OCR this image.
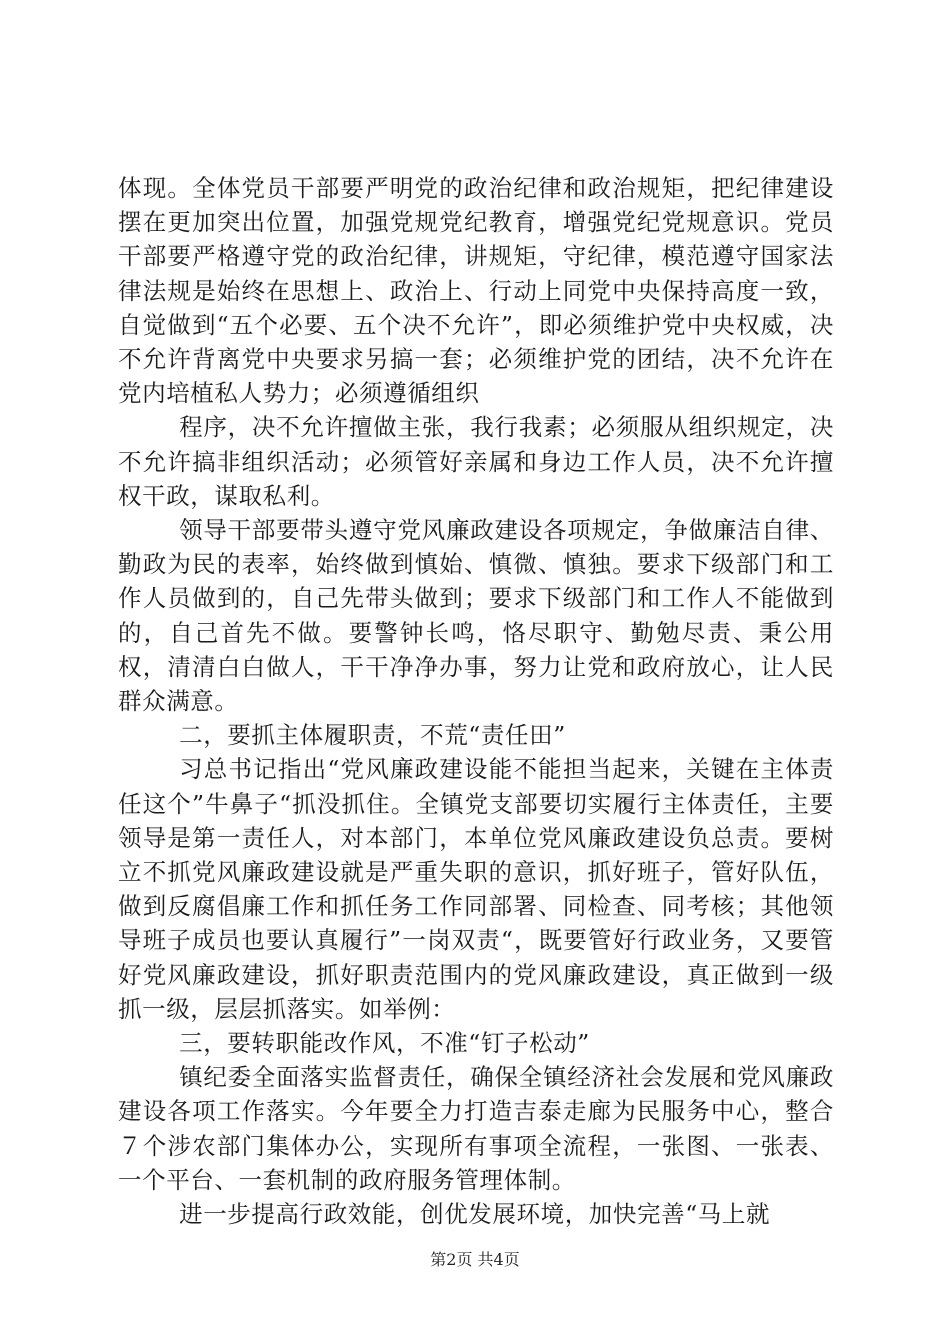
体现。全体党员干部要严明党的政治纪律和政治规矩，把纪律建设摆在更加突出位置，加强党规党纪教育，增强党纪党规意识。党员干部要严格遵守党的政治纪律，讲规矩，守纪律，模范遵守国家法律法规是始终在思想上、政治上、行动上同党中央保持高度一致，自觉做到“五个必要、五个决不允许”，即必须维护党中央权威，决不允许背离党中央要求另搞一套；必须维护党的团结，决不允许在党内培植私人势力；必须遵循组织

程序，决不允许擅做主张，我行我素；必须服从组织规定，决不允许搞非组织活动；必须管好亲属和身边工作人员，决不允许擅权干政，谋取私利。

领导干部要带头遵守党风廉政建设各项规定，争做廉洁自律、勤政为民的表率，始终做到慎始、慎微、慎独。要求下级部门和工作人员做到的，自己先带头做到；要求下级部门和工作人不能做到的，自己首先不做。要警钟长鸣，恪尽职守、勤勉尽责、秉公用权，清清白白做人，干干净净办事，努力让党和政府放心，让人民群众满意。

二，要抓主体履职责，不荒“责任田”

习总书记指出“党风廉政建设能不能担当起来，关键在主体责任这个”牛鼻子“抓没抓住。全镇党支部要切实履行主体责任，主要领导是第一责任人，对本部门，本单位党风廉政建设负总责。要树立不抓党风廉政建设就是严重失职的意识，抓好班子，管好队伍，做到反腐倡廉工作和抓任务工作同部署、同检查、同考核；其他领导班子成员也要认真履行”一岗双责“，既要管好行政业务，又要管好党风廉政建设，抓好职责范围内的党风廉政建设，真正做到一级抓一级，层层抓落实。如举例：

三，要转职能改作风，不准“钉子松动”

镇纪委全面落实监督责任，确保全镇经济社会发展和党风廉政建设各项工作落实。今年要全力打造吉泰走廊为民服务中心，整合７个涉农部门集体办公，实现所有事项全流程，一张图、一张表、一个平台、一套机制的政府服务管理体制。

进一步提高行政效能，创优发展环境，加快完善“马上就

第2页 共4页
